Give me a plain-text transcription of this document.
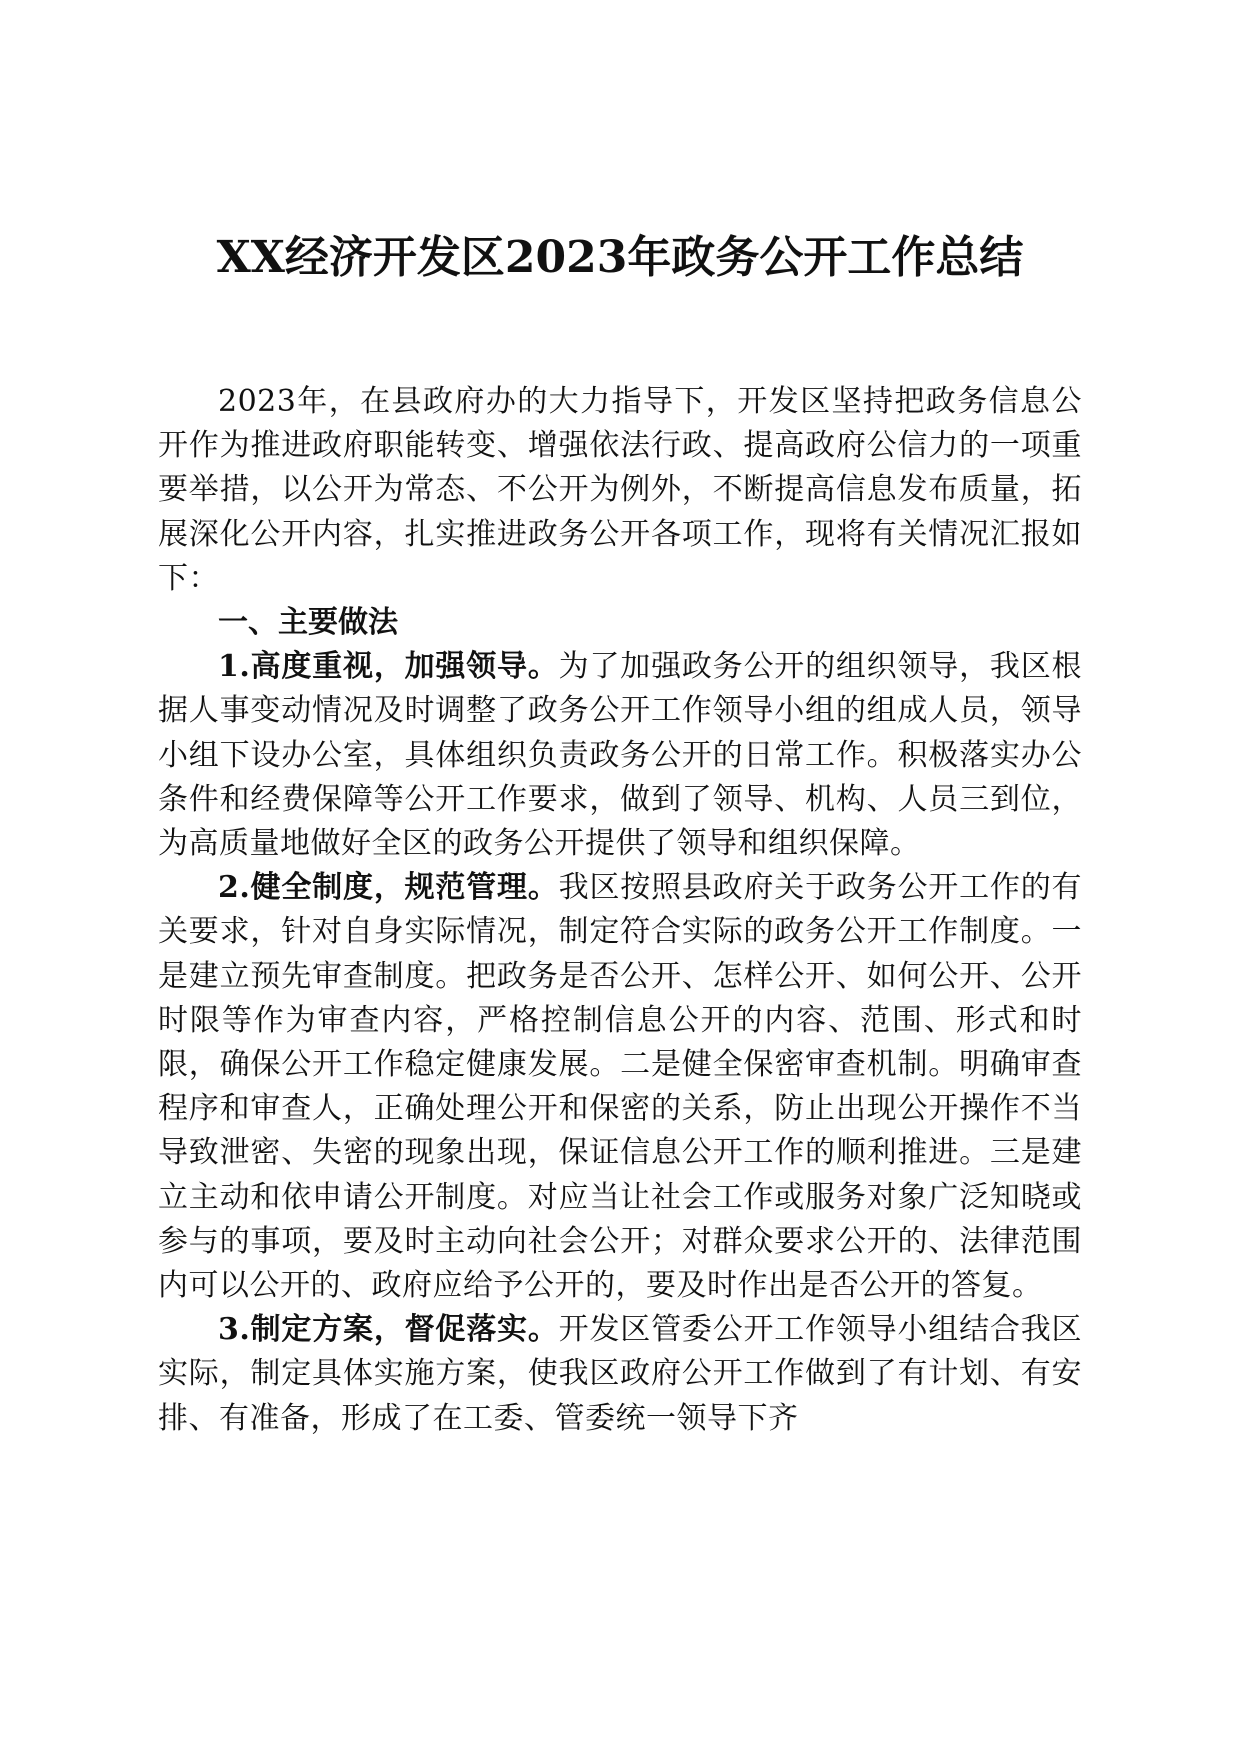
XX经济开发区2023年政务公开工作总结

2023年，在县政府办的大力指导下，开发区坚持把政务信息公开作为推进政府职能转变、增强依法行政、提高政府公信力的一项重要举措，以公开为常态、不公开为例外，不断提高信息发布质量，拓展深化公开内容，扎实推进政务公开各项工作，现将有关情况汇报如下：

一、主要做法

1.高度重视，加强领导。为了加强政务公开的组织领导，我区根据人事变动情况及时调整了政务公开工作领导小组的组成人员，领导小组下设办公室，具体组织负责政务公开的日常工作。积极落实办公条件和经费保障等公开工作要求，做到了领导、机构、人员三到位，为高质量地做好全区的政务公开提供了领导和组织保障。

2.健全制度，规范管理。我区按照县政府关于政务公开工作的有关要求，针对自身实际情况，制定符合实际的政务公开工作制度。一是建立预先审查制度。把政务是否公开、怎样公开、如何公开、公开时限等作为审查内容，严格控制信息公开的内容、范围、形式和时限，确保公开工作稳定健康发展。二是健全保密审查机制。明确审查程序和审查人，正确处理公开和保密的关系，防止出现公开操作不当导致泄密、失密的现象出现，保证信息公开工作的顺利推进。三是建立主动和依申请公开制度。对应当让社会工作或服务对象广泛知晓或参与的事项，要及时主动向社会公开；对群众要求公开的、法律范围内可以公开的、政府应给予公开的，要及时作出是否公开的答复。

3.制定方案，督促落实。开发区管委公开工作领导小组结合我区实际，制定具体实施方案，使我区政府公开工作做到了有计划、有安排、有准备，形成了在工委、管委统一领导下齐
